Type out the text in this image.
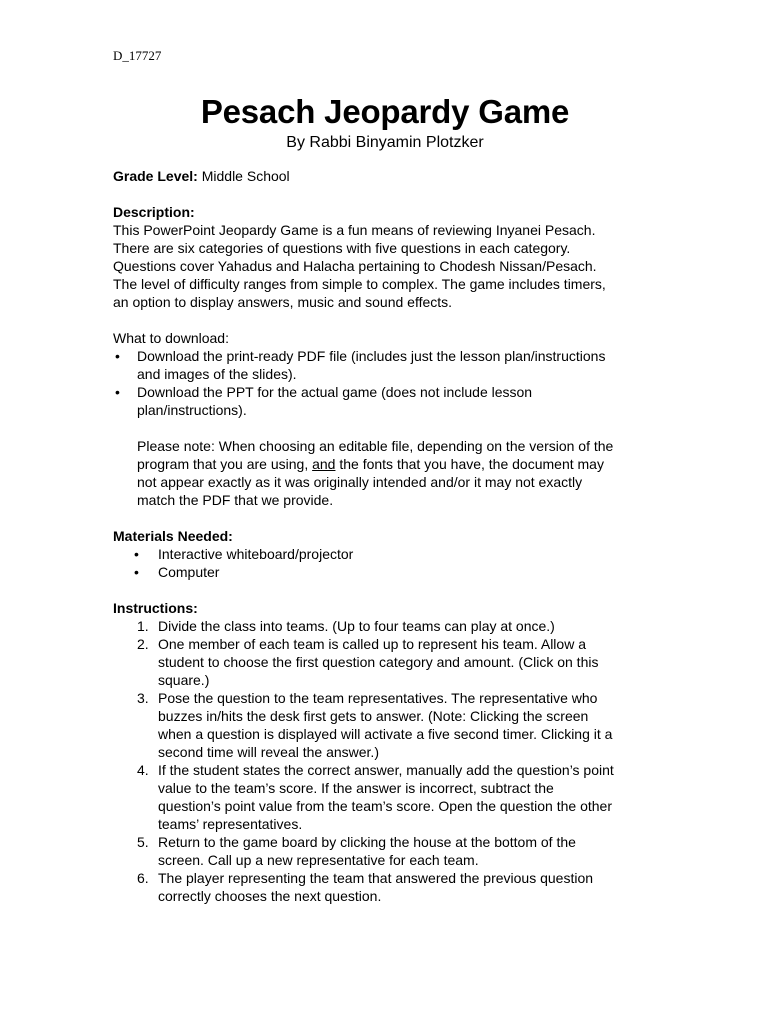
D_17727
Pesach Jeopardy Game
By Rabbi Binyamin Plotzker

Grade Level: Middle School

Description:

This PowerPoint Jeopardy Game is a fun means of reviewing Inyanei Pesach.

There are six categories of questions with five questions in each category.

Questions cover Yahadus and Halacha pertaining to Chodesh Nissan/Pesach.

The level of difficulty ranges from simple to complex. The game includes timers,

an option to display answers, music and sound effects.

What to download:

• Download the print-ready PDF file (includes just the lesson plan/instructions
and images of the slides).
• Download the PPT for the actual game (does not include lesson
plan/instructions).
Please note: When choosing an editable file, depending on the version of the
program that you are using, and the fonts that you have, the document may
not appear exactly as it was originally intended and/or it may not exactly
match the PDF that we provide.

Materials Needed:

• Interactive whiteboard/projector
• Computer

Instructions:

1. Divide the class into teams. (Up to four teams can play at once.)
2. One member of each team is called up to represent his team. Allow a
student to choose the first question category and amount. (Click on this
square.)
3. Pose the question to the team representatives. The representative who
buzzes in/hits the desk first gets to answer. (Note: Clicking the screen
when a question is displayed will activate a five second timer. Clicking it a
second time will reveal the answer.)
4. If the student states the correct answer, manually add the question’s point
value to the team’s score. If the answer is incorrect, subtract the
question’s point value from the team’s score. Open the question the other
teams’ representatives.
5. Return to the game board by clicking the house at the bottom of the
screen. Call up a new representative for each team.
6. The player representing the team that answered the previous question
correctly chooses the next question.
